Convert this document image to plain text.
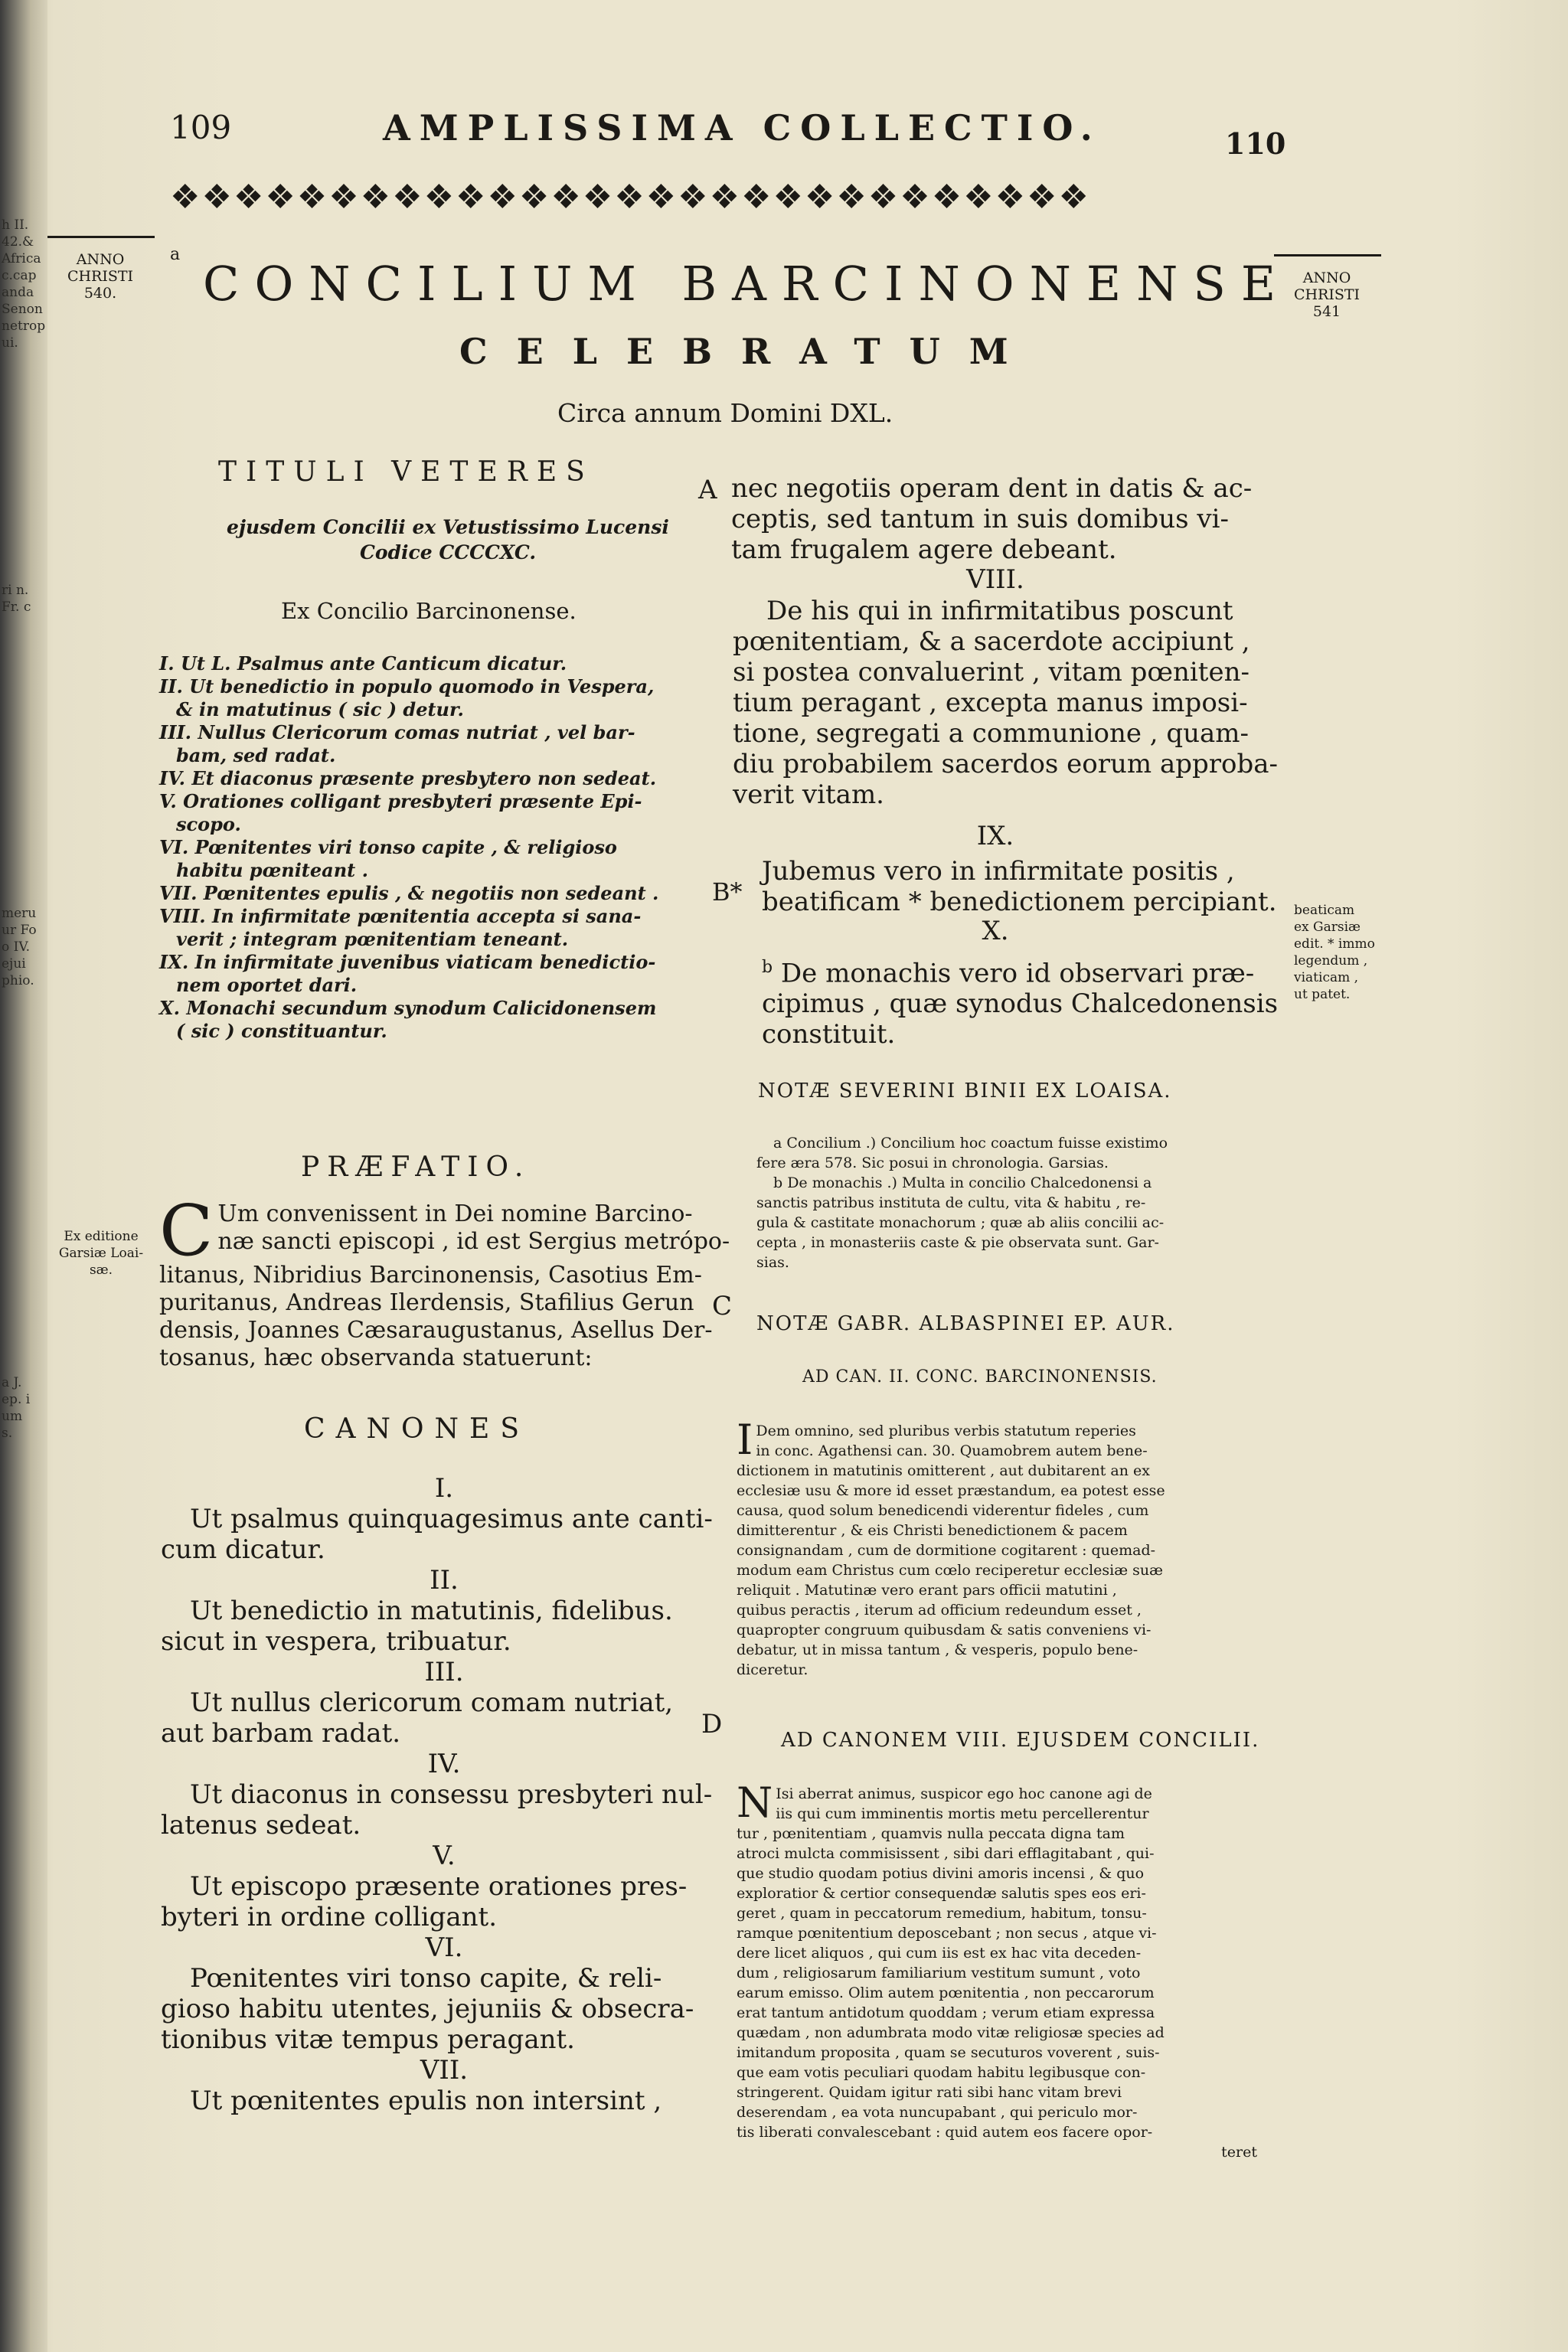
h II.
42.&
Africa
c.cap
anda
Senon
netrop
ui.
ri n.
Fr. c
meru
ur Fo
o IV.
ejui
phio.
a J.
ep. i
um
s.
109	AMPLISSIMA COLLECTIO.	110
❖❖❖❖❖❖❖❖❖❖❖❖❖❖❖❖❖❖❖❖❖❖❖❖❖❖❖❖❖
ANNO
CHRISTI
540.
a
ANNO
CHRISTI
541
CONCILIUM BARCINONENSE
CELEBRATUM
Circa annum Domini DXL.
TITULI VETERES
ejusdem Concilii ex Vetustissimo Lucensi
Codice CCCCXC.
Ex Concilio Barcinonense.
I. Ut L. Psalmus ante Canticum dicatur.
II. Ut benedictio in populo quomodo in Vespera,
& in matutinus ( sic ) detur.
III. Nullus Clericorum comas nutriat , vel bar-
bam, sed radat.
IV. Et diaconus præsente presbytero non sedeat.
V. Orationes colligant presbyteri præsente Epi-
scopo.
VI. Pœnitentes viri tonso capite , & religioso
habitu pœniteant .
VII. Pœnitentes epulis , & negotiis non sedeant .
VIII. In infirmitate pœnitentia accepta si sana-
verit ; integram pœnitentiam teneant.
IX. In infirmitate juvenibus viaticam benedictio-
nem oportet dari.
X. Monachi secundum synodum Calicidonensem
( sic ) constituantur.
B*
PRÆFATIO.
Ex editione
Garsiæ Loai-
sæ. C Um convenissent in Dei nomine Barcino-
næ sancti episcopi , id est Sergius metrópo-
litanus, Nibridius Barcinonensis, Casotius Em-
puritanus, Andreas Ilerdensis, Stafilius Gerun
densis, Joannes Cæsaraugustanus, Asellus Der-
tosanus, hæc observanda statuerunt:
C
CANONES
I.
Ut psalmus quinquagesimus ante canti-
cum dicatur.
II.
Ut benedictio in matutinis, fidelibus.
sicut in vespera, tribuatur.
III.
Ut nullus clericorum comam nutriat,
aut barbam radat.
IV.
Ut diaconus in consessu presbyteri nul-
latenus sedeat.
V.
Ut episcopo præsente orationes pres-
byteri in ordine colligant.
VI.
Pœnitentes viri tonso capite, & reli-
gioso habitu utentes, jejuniis & obsecra-
tionibus vitæ tempus peragant.
VII.
Ut pœnitentes epulis non intersint ,
D
A nec negotiis operam dent in datis & ac-
ceptis, sed tantum in suis domibus vi-
tam frugalem agere debeant.
VIII.
De his qui in infirmitatibus poscunt
pœnitentiam, & a sacerdote accipiunt ,
si postea convaluerint , vitam pœniten-
tium peragant , excepta manus imposi-
tione, segregati a communione , quam-
diu probabilem sacerdos eorum approba-
verit vitam.
IX.
Jubemus vero in infirmitate positis ,
beatificam * benedictionem percipiant.
X.
$^b$ De monachis vero id observari præ-
cipimus , quæ synodus Chalcedonensis
constituit.
beaticam
ex Garsiæ
edit. * immo
legendum ,
viaticam ,
ut patet.
NOTÆ SEVERINI BINII EX LOAISA.
a Concilium .) Concilium hoc coactum fuisse existimo
fere æra 578. Sic posui in chronologia. Garsias.
b De monachis .) Multa in concilio Chalcedonensi a
sanctis patribus instituta de cultu, vita & habitu , re-
gula & castitate monachorum ; quæ ab aliis concilii ac-
cepta , in monasteriis caste & pie observata sunt. Gar-
sias.
NOTÆ GABR. ALBASPINEI EP. AUR.
AD CAN. II. CONC. BARCINONENSIS.
I Dem omnino, sed pluribus verbis statutum reperies
in conc. Agathensi can. 30. Quamobrem autem bene-
dictionem in matutinis omitterent , aut dubitarent an ex
ecclesiæ usu & more id esset præstandum, ea potest esse
causa, quod solum benedicendi viderentur fideles , cum
dimitterentur , & eis Christi benedictionem & pacem
consignandam , cum de dormitione cogitarent : quemad-
modum eam Christus cum cœlo reciperetur ecclesiæ suæ
reliquit . Matutinæ vero erant pars officii matutini ,
quibus peractis , iterum ad officium redeundum esset ,
quapropter congruum quibusdam & satis conveniens vi-
debatur, ut in missa tantum , & vesperis, populo bene-
diceretur.
AD CANONEM VIII. EJUSDEM CONCILII.
N Isi aberrat animus, suspicor ego hoc canone agi de
iis qui cum imminentis mortis metu percellerentur
tur , pœnitentiam , quamvis nulla peccata digna tam
atroci mulcta commisissent , sibi dari efflagitabant , qui-
que studio quodam potius divini amoris incensi , & quo
exploratior & certior consequendæ salutis spes eos eri-
geret , quam in peccatorum remedium, habitum, tonsu-
ramque pœnitentium deposcebant ; non secus , atque vi-
dere licet aliquos , qui cum iis est ex hac vita deceden-
dum , religiosarum familiarium vestitum sumunt , voto
earum emisso. Olim autem pœnitentia , non peccarorum
erat tantum antidotum quoddam ; verum etiam expressa
quædam , non adumbrata modo vitæ religiosæ species ad
imitandum proposita , quam se secuturos voverent , suis-
que eam votis peculiari quodam habitu legibusque con-
stringerent. Quidam igitur rati sibi hanc vitam brevi
deserendam , ea vota nuncupabant , qui periculo mor-
tis liberati convalescebant : quid autem eos facere opor-
teret
